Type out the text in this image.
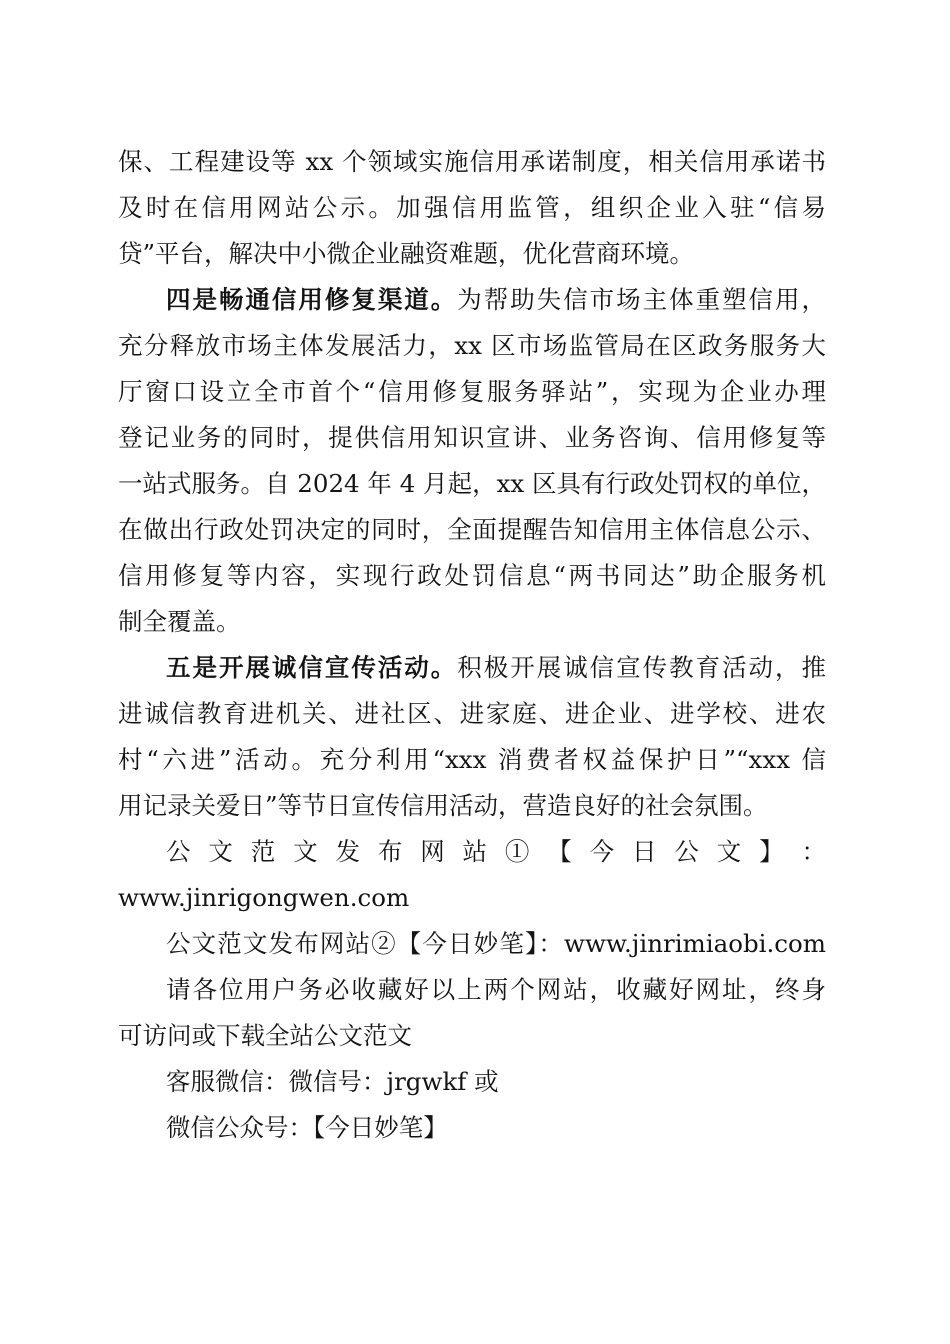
保、工程建设等 xx 个领域实施信用承诺制度，相关信用承诺书
及时在信用网站公示。加强信用监管，组织企业入驻“信易
贷”平台，解决中小微企业融资难题，优化营商环境。
四是畅通信用修复渠道。为帮助失信市场主体重塑信用，
充分释放市场主体发展活力，xx 区市场监管局在区政务服务大
厅窗口设立全市首个“信用修复服务驿站”，实现为企业办理
登记业务的同时，提供信用知识宣讲、业务咨询、信用修复等
一站式服务。自 2024 年 4 月起，xx 区具有行政处罚权的单位，
在做出行政处罚决定的同时，全面提醒告知信用主体信息公示、
信用修复等内容，实现行政处罚信息“两书同达”助企服务机
制全覆盖。
五是开展诚信宣传活动。积极开展诚信宣传教育活动，推
进诚信教育进机关、进社区、进家庭、进企业、进学校、进农
村“六进”活动。充分利用“xxx 消费者权益保护日”“xxx 信
用记录关爱日”等节日宣传信用活动，营造良好的社会氛围。
公 文 范 文 发 布 网 站 ① 【 今 日 公 文 】 ：
www.jinrigongwen.com
公文范文发布网站②【今日妙笔】：www.jinrimiaobi.com
请各位用户务必收藏好以上两个网站，收藏好网址，终身
可访问或下载全站公文范文
客服微信：微信号：jrgwkf 或
微信公众号：【今日妙笔】
